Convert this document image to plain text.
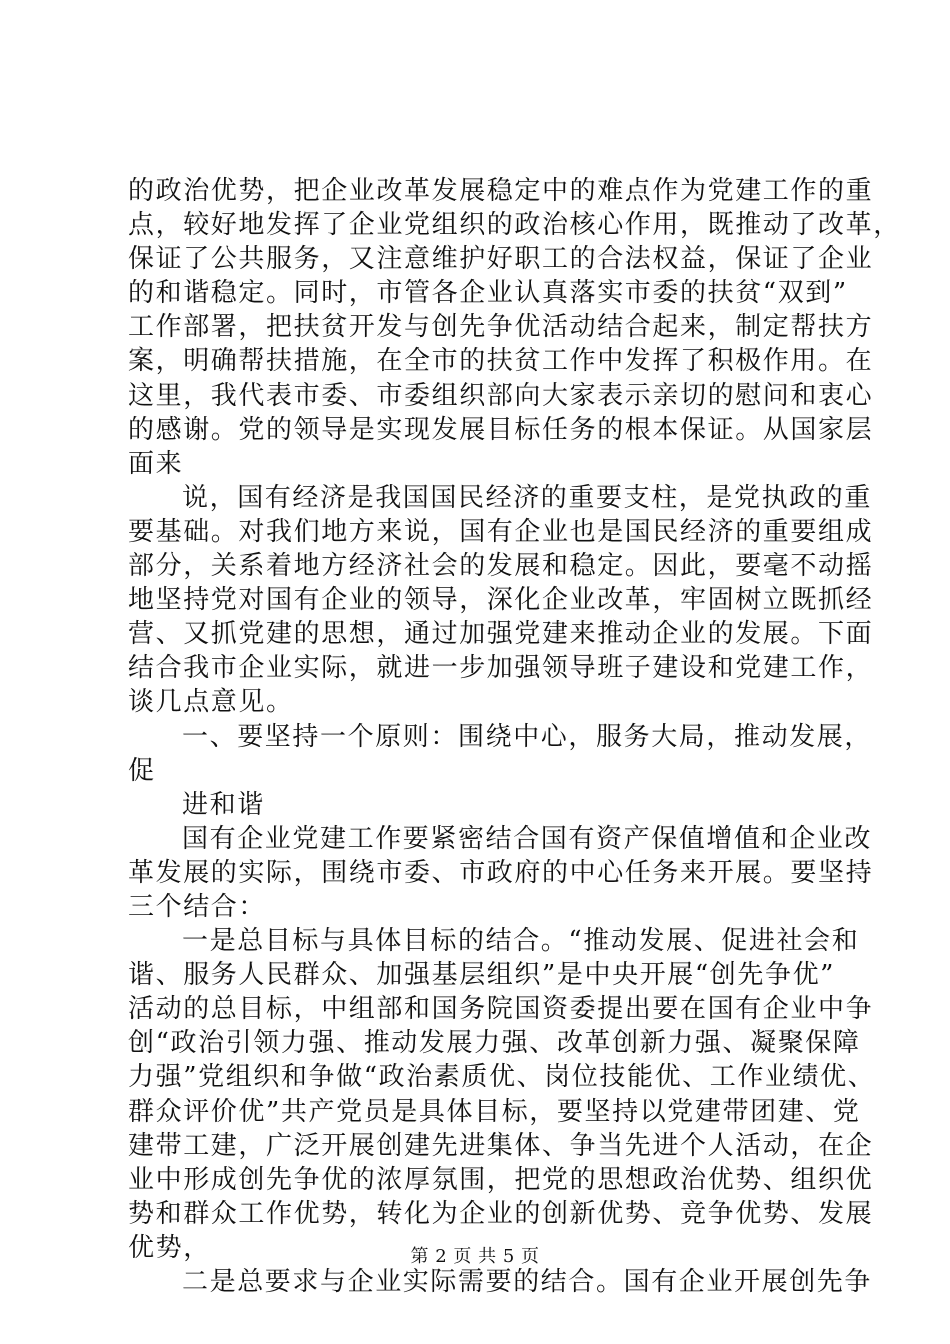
的政治优势，把企业改革发展稳定中的难点作为党建工作的重
点，较好地发挥了企业党组织的政治核心作用，既推动了改革，
保证了公共服务，又注意维护好职工的合法权益，保证了企业
的和谐稳定。同时，市管各企业认真落实市委的扶贫“双到”
工作部署，把扶贫开发与创先争优活动结合起来，制定帮扶方
案，明确帮扶措施，在全市的扶贫工作中发挥了积极作用。在
这里，我代表市委、市委组织部向大家表示亲切的慰问和衷心
的感谢。党的领导是实现发展目标任务的根本保证。从国家层
面来
说，国有经济是我国国民经济的重要支柱，是党执政的重
要基础。对我们地方来说，国有企业也是国民经济的重要组成
部分，关系着地方经济社会的发展和稳定。因此，要毫不动摇
地坚持党对国有企业的领导，深化企业改革，牢固树立既抓经
营、又抓党建的思想，通过加强党建来推动企业的发展。下面
结合我市企业实际，就进一步加强领导班子建设和党建工作，
谈几点意见。
一、要坚持一个原则：围绕中心，服务大局，推动发展，
促
进和谐
国有企业党建工作要紧密结合国有资产保值增值和企业改
革发展的实际，围绕市委、市政府的中心任务来开展。要坚持
三个结合：
一是总目标与具体目标的结合。“推动发展、促进社会和
谐、服务人民群众、加强基层组织”是中央开展“创先争优”
活动的总目标，中组部和国务院国资委提出要在国有企业中争
创“政治引领力强、推动发展力强、改革创新力强、凝聚保障
力强”党组织和争做“政治素质优、岗位技能优、工作业绩优、
群众评价优”共产党员是具体目标，要坚持以党建带团建、党
建带工建，广泛开展创建先进集体、争当先进个人活动，在企
业中形成创先争优的浓厚氛围，把党的思想政治优势、组织优
势和群众工作优势，转化为企业的创新优势、竞争优势、发展
优势，
二是总要求与企业实际需要的结合。国有企业开展创先争
第 2 页 共 5 页
